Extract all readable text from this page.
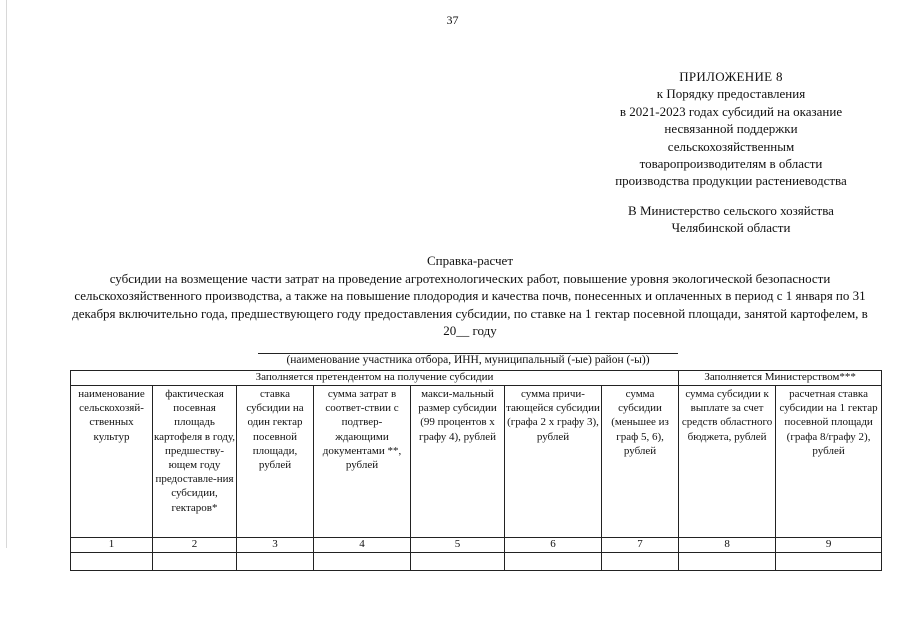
37
ПРИЛОЖЕНИЕ 8
к Порядку предоставления
в 2021-2023 годах субсидий на оказание
несвязанной поддержки
сельскохозяйственным
товаропроизводителям в области
производства продукции растениеводства
В Министерство сельского хозяйства
Челябинской области
Справка-расчет
субсидии на возмещение части затрат на проведение агротехнологических работ, повышение уровня экологической безопасности сельскохозяйственного производства, а также на повышение плодородия и качества почв, понесенных и оплаченных в период с 1 января по 31 декабря включительно года, предшествующего году предоставления субсидии, по ставке на 1 гектар посевной площади, занятой картофелем, в 20__ году
(наименование участника отбора, ИНН, муниципальный (-ые) район (-ы))
Заполняется претендентом на получение субсидии							Заполняется Министерством***	
наименование сельскохозяй-ственных культур	фактическая посевная площадь картофеля в году, предшеству-ющем году предоставле-ния субсидии, гектаров*	ставка субсидии на один гектар посевной площади, рублей	сумма затрат в соответ-ствии с подтвер-ждающими документами **, рублей	макси-мальный размер субсидии (99 процентов х графу 4), рублей	сумма причи-тающейся субсидии (графа 2 х графу 3), рублей	сумма субсидии (меньшее из граф 5, 6), рублей	сумма субсидии к выплате за счет средств областного бюджета, рублей	расчетная ставка субсидии на 1 гектар посевной площади (графа 8/графу 2), рублей
1	2	3	4	5	6	7	8	9
